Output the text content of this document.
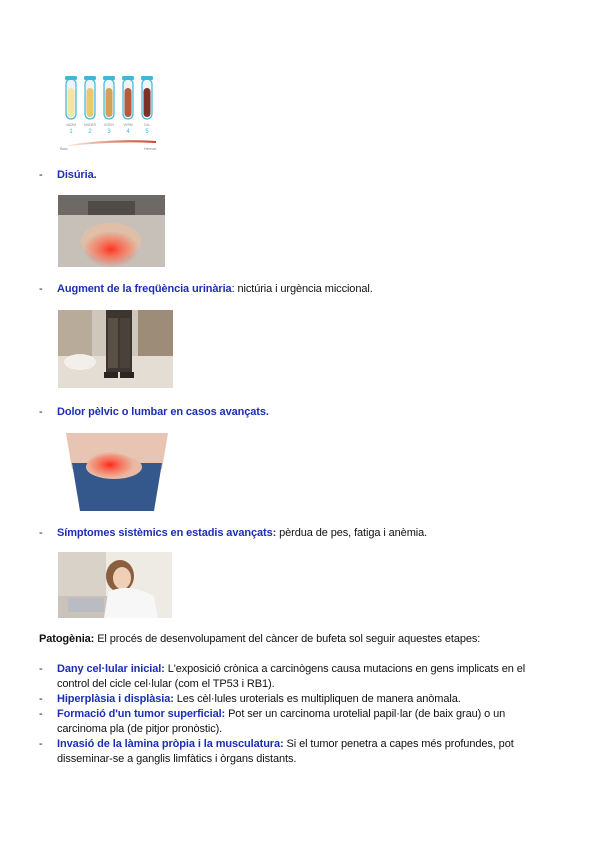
VADIM
1
MODER
2
INTEN
3
VERM
4
CAL
5
Baix	Hemat.
- Disúria.
- Augment de la freqüència urinària: nictúria i urgència miccional.
- Dolor pèlvic o lumbar en casos avançats.
- Símptomes sistèmics en estadis avançats: pèrdua de pes, fatiga i anèmia.
Patogènia: El procés de desenvolupament del càncer de bufeta sol seguir aquestes etapes:
- Dany cel·lular inicial: L'exposició crònica a carcinògens causa mutacions en gens implicats en el
control del cicle cel·lular (com el TP53 i RB1).
- Hiperplàsia i displàsia: Les cèl·lules uroterials es multipliquen de manera anòmala.
- Formació d'un tumor superficial: Pot ser un carcinoma urotelial papil·lar (de baix grau) o un
carcinoma pla (de pitjor pronòstic).
- Invasió de la làmina pròpia i la musculatura: Si el tumor penetra a capes més profundes, pot
disseminar-se a ganglis limfàtics i òrgans distants.
